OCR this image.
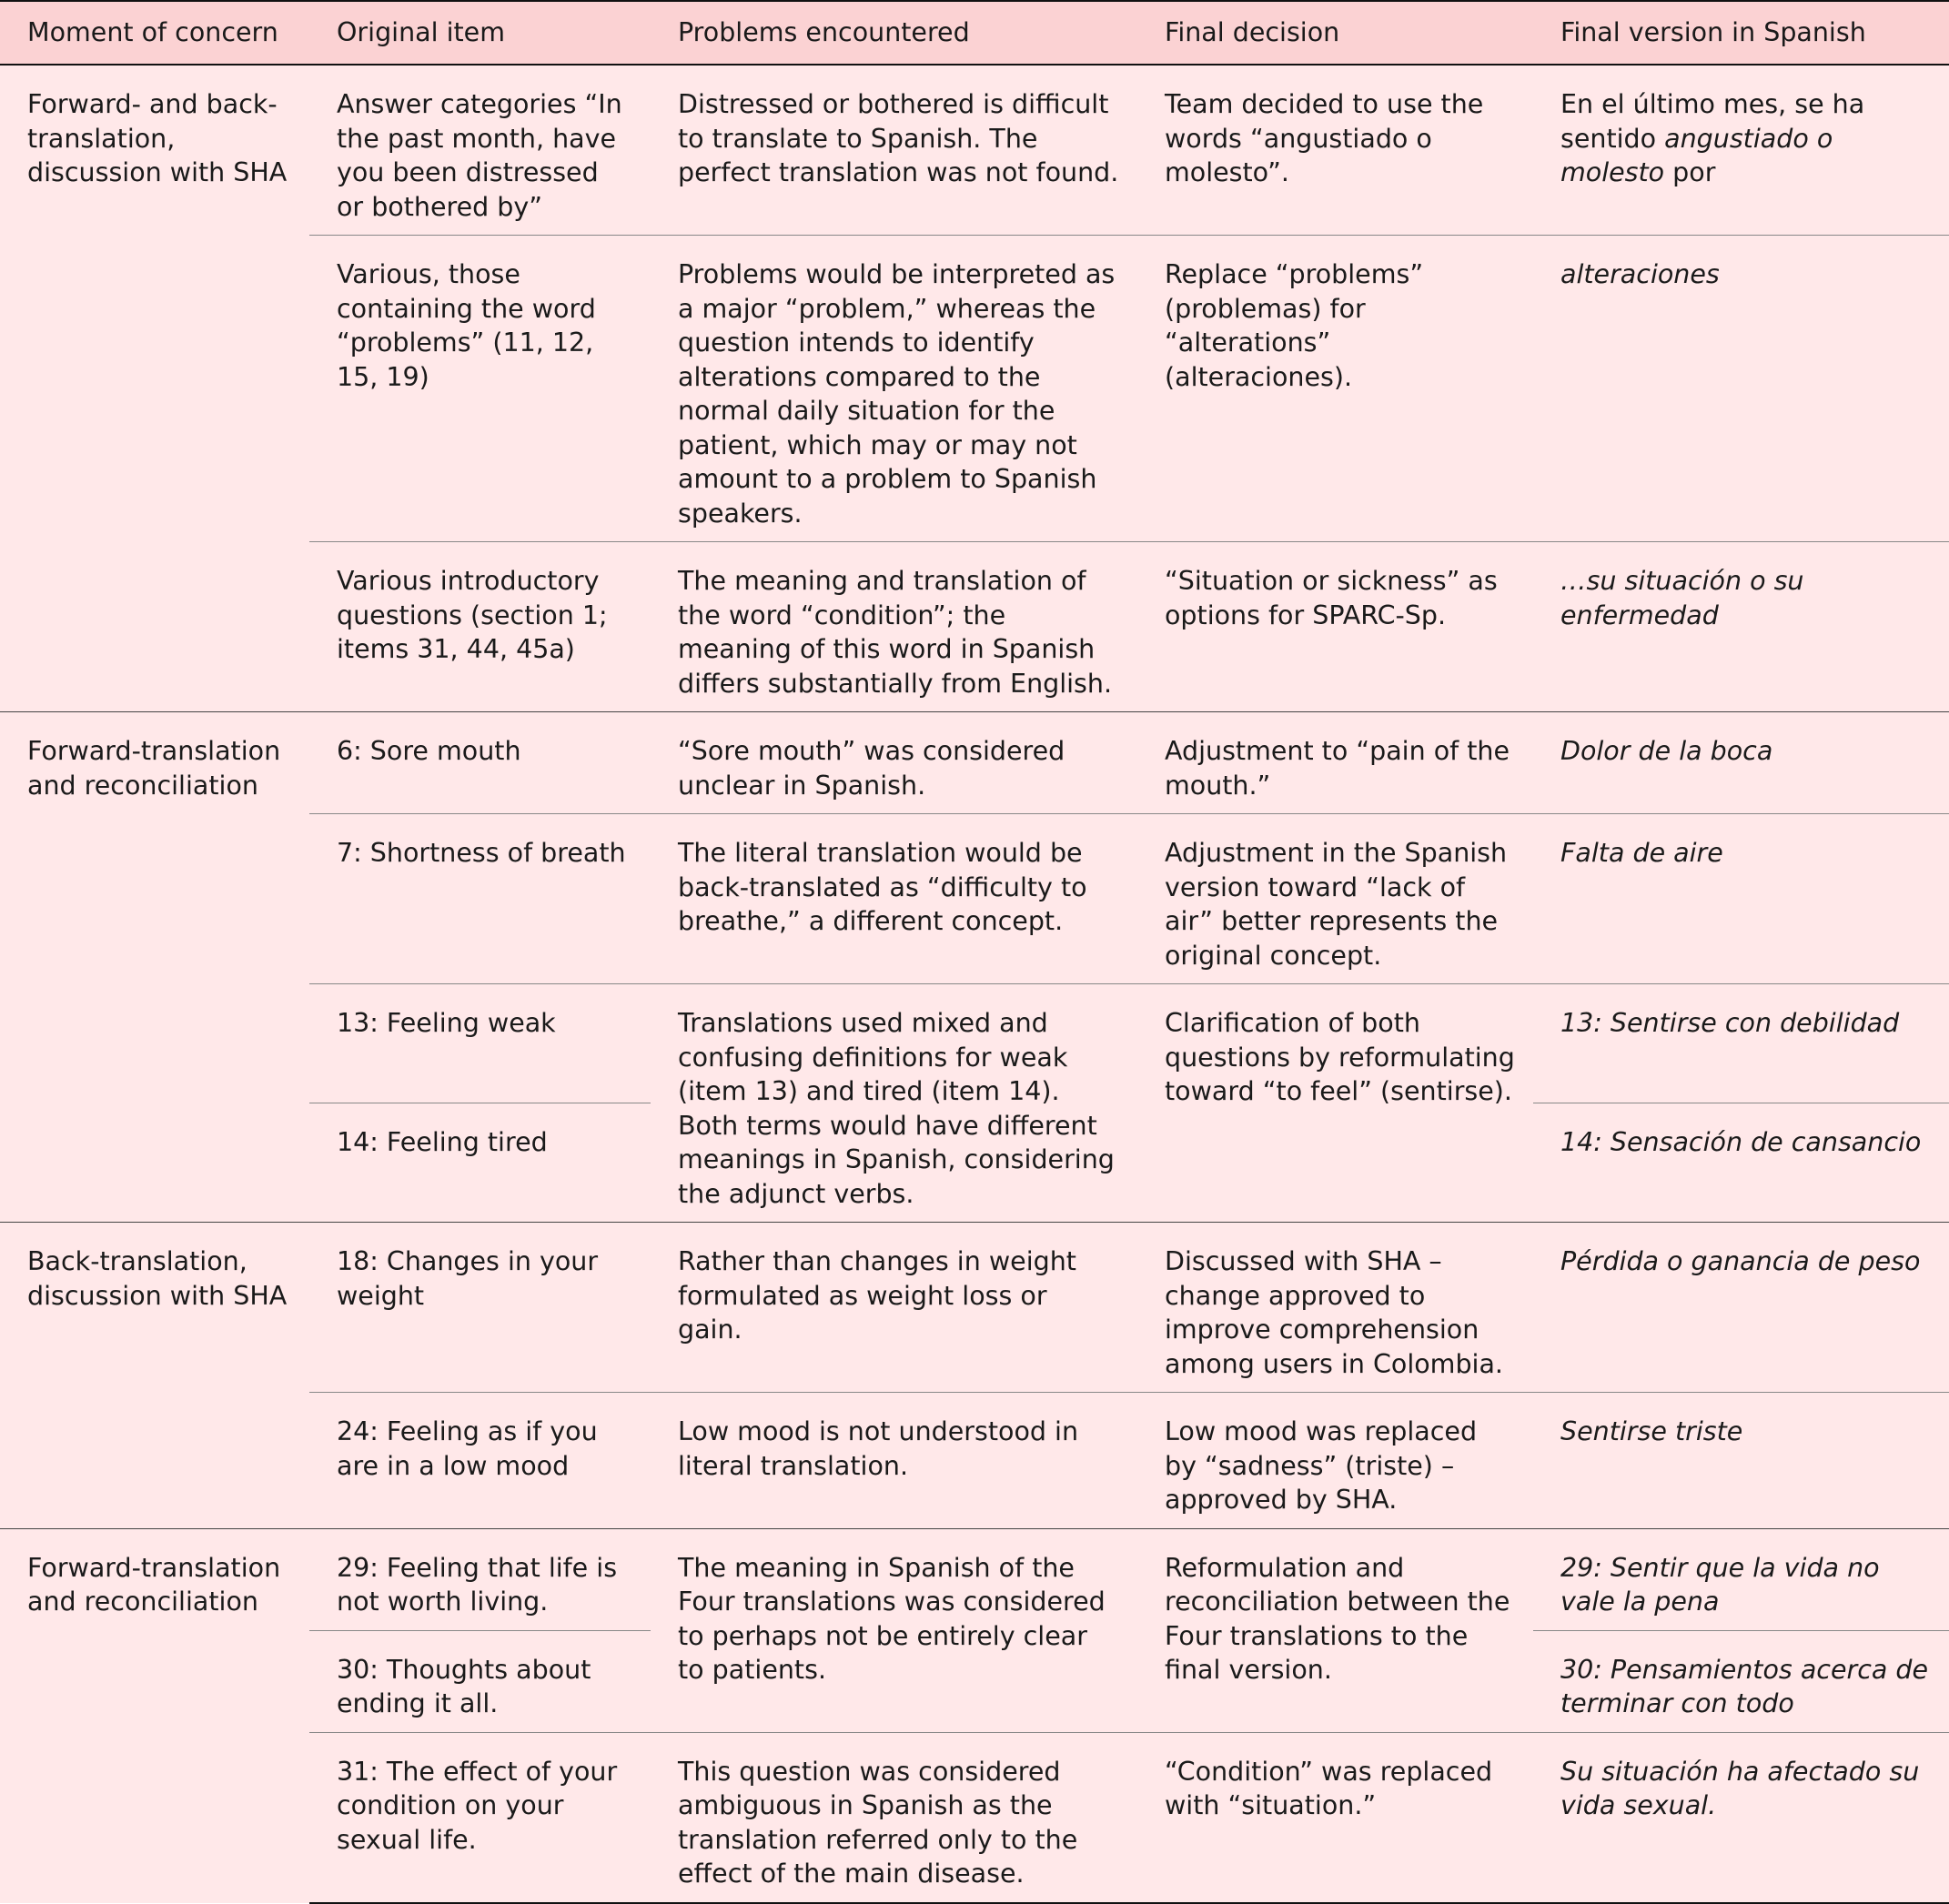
Moment of concern	Original item	Problems encountered	Final decision	Final version in Spanish
Forward- and back-translation, discussion with SHA	Answer categories “In the past month, have you been distressed or bothered by”	Distressed or bothered is difficult to translate to Spanish. The perfect translation was not found.	Team decided to use the words “angustiado o molesto”.	En el último mes, se ha sentido angustiado o molesto por
	Various, those containing the word “problems” (11, 12, 15, 19)	Problems would be interpreted as a major “problem,” whereas the question intends to identify alterations compared to the normal daily situation for the patient, which may or may not amount to a problem to Spanish speakers.	Replace “problems” (problemas) for “alterations” (alteraciones).	alteraciones
	Various introductory questions (section 1; items 31, 44, 45a)	The meaning and translation of the word “condition”; the meaning of this word in Spanish differs substantially from English.	“Situation or sickness” as options for SPARC-Sp.	…su situación o su enfermedad
Forward-translation and reconciliation	6: Sore mouth	“Sore mouth” was considered unclear in Spanish.	Adjustment to “pain of the mouth.”	Dolor de la boca
	7: Shortness of breath	The literal translation would be back-translated as “difficulty to breathe,” a different concept.	Adjustment in the Spanish version toward “lack of air” better represents the original concept.	Falta de aire
	13: Feeling weak	Translations used mixed and confusing definitions for weak (item 13) and tired (item 14). Both terms would have different meanings in Spanish, considering the adjunct verbs.	Clarification of both questions by reformulating toward “to feel” (sentirse).	13: Sentirse con debilidad
	14: Feeling tired			14: Sensación de cansancio
Back-translation, discussion with SHA	18: Changes in your weight	Rather than changes in weight formulated as weight loss or gain.	Discussed with SHA – change approved to improve comprehension among users in Colombia.	Pérdida o ganancia de peso
	24: Feeling as if you are in a low mood	Low mood is not understood in literal translation.	Low mood was replaced by “sadness” (triste) – approved by SHA.	Sentirse triste
Forward-translation and reconciliation	29: Feeling that life is not worth living.	The meaning in Spanish of the Four translations was considered to perhaps not be entirely clear to patients.	Reformulation and reconciliation between the Four translations to the final version.	29: Sentir que la vida no vale la pena
	30: Thoughts about ending it all.			30: Pensamientos acerca de terminar con todo
	31: The effect of your condition on your sexual life.	This question was considered ambiguous in Spanish as the translation referred only to the effect of the main disease.	“Condition” was replaced with “situation.”	Su situación ha afectado su vida sexual.
